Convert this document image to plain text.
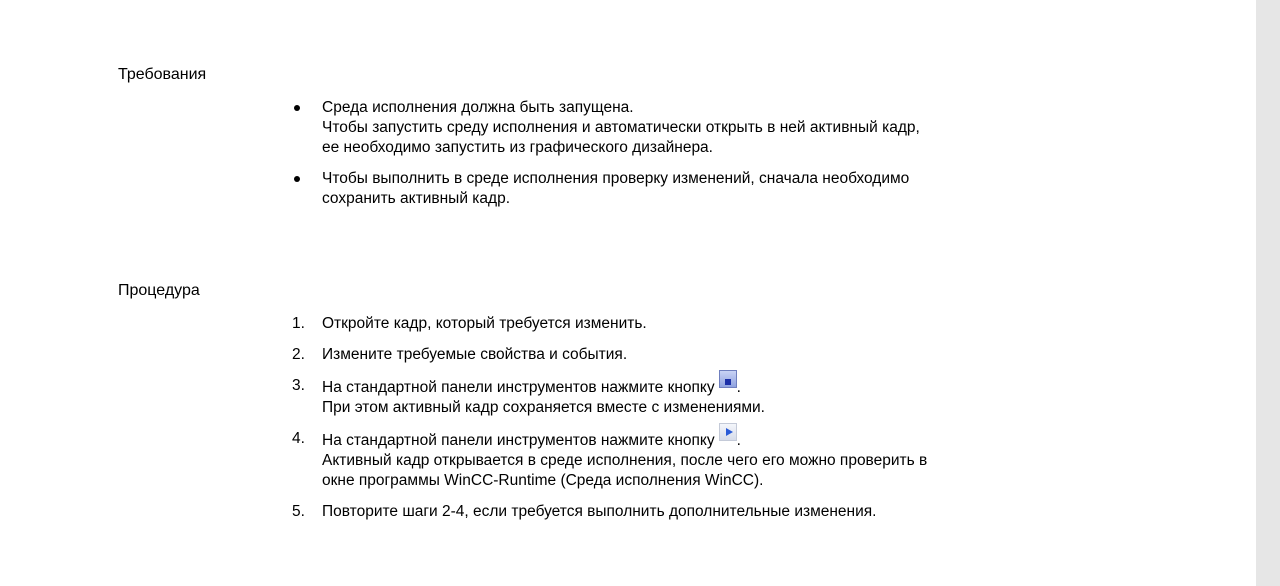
Требования
Среда исполнения должна быть запущена.
Чтобы запустить среду исполнения и автоматически открыть в ней активный кадр,
ее необходимо запустить из графического дизайнера.
Чтобы выполнить в среде исполнения проверку изменений, сначала необходимо
сохранить активный кадр.
Процедура
1. Откройте кадр, который требуется изменить.
2. Измените требуемые свойства и события.
3. На стандартной панели инструментов нажмите кнопку .
При этом активный кадр сохраняется вместе с изменениями.
4. На стандартной панели инструментов нажмите кнопку .
Активный кадр открывается в среде исполнения, после чего его можно проверить в
окне программы WinCC-Runtime (Среда исполнения WinCC).
5. Повторите шаги 2-4, если требуется выполнить дополнительные изменения.
